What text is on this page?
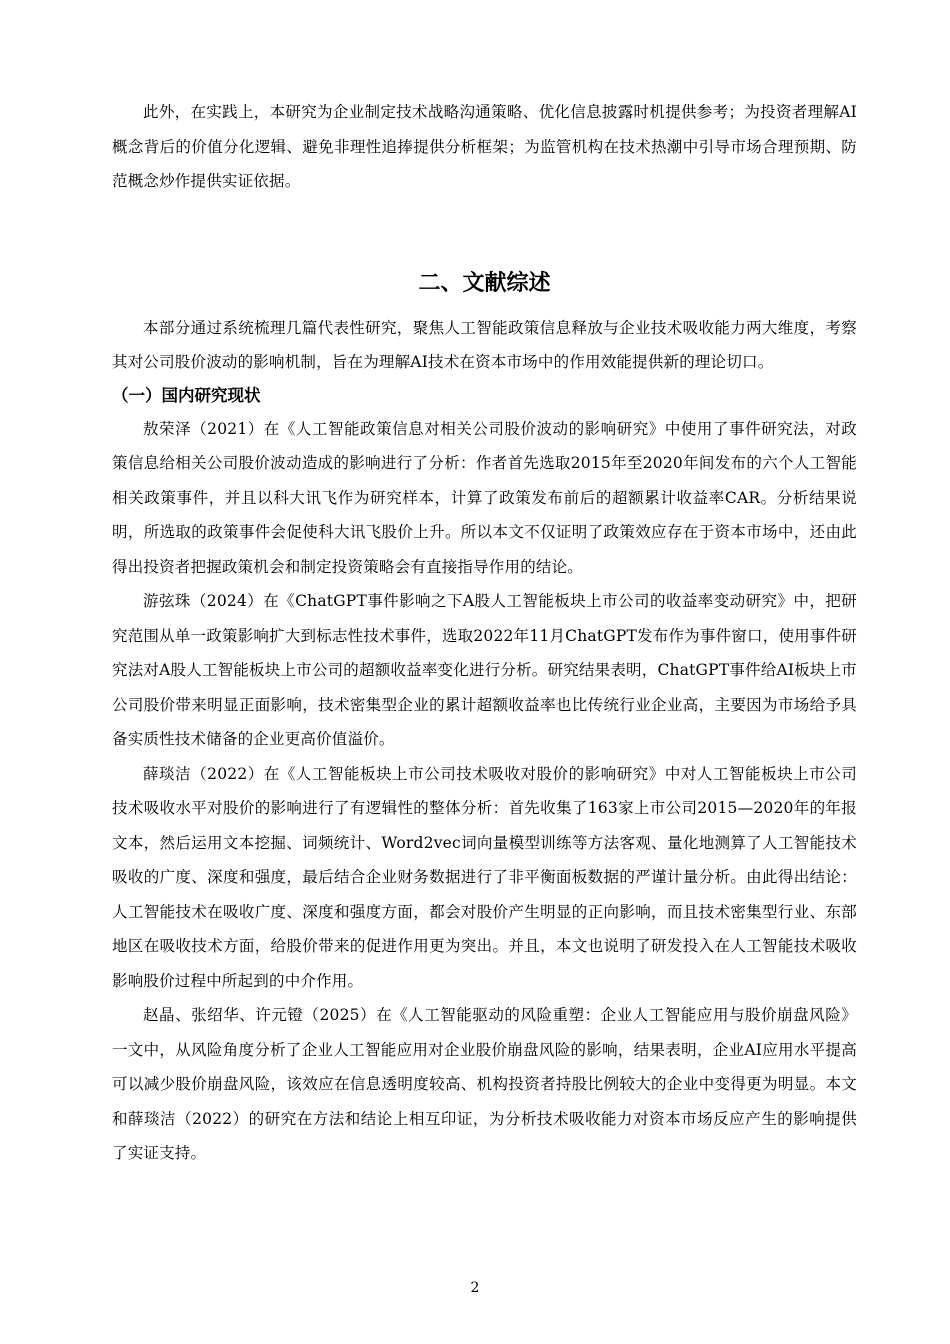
此外，在实践上，本研究为企业制定技术战略沟通策略、优化信息披露时机提供参考；为投资者理解AI概念背后的价值分化逻辑、避免非理性追捧提供分析框架；为监管机构在技术热潮中引导市场合理预期、防范概念炒作提供实证依据。

二、文献综述

本部分通过系统梳理几篇代表性研究，聚焦人工智能政策信息释放与企业技术吸收能力两大维度，考察其对公司股价波动的影响机制，旨在为理解AI技术在资本市场中的作用效能提供新的理论切口。

（一）国内研究现状

敖荣泽（2021）在《人工智能政策信息对相关公司股价波动的影响研究》中使用了事件研究法，对政策信息给相关公司股价波动造成的影响进行了分析：作者首先选取2015年至2020年间发布的六个人工智能相关政策事件，并且以科大讯飞作为研究样本，计算了政策发布前后的超额累计收益率CAR。分析结果说明，所选取的政策事件会促使科大讯飞股价上升。所以本文不仅证明了政策效应存在于资本市场中，还由此得出投资者把握政策机会和制定投资策略会有直接指导作用的结论。

游弦珠（2024）在《ChatGPT事件影响之下A股人工智能板块上市公司的收益率变动研究》中，把研究范围从单一政策影响扩大到标志性技术事件，选取2022年11月ChatGPT发布作为事件窗口，使用事件研究法对A股人工智能板块上市公司的超额收益率变化进行分析。研究结果表明，ChatGPT事件给AI板块上市公司股价带来明显正面影响，技术密集型企业的累计超额收益率也比传统行业企业高，主要因为市场给予具备实质性技术储备的企业更高价值溢价。

薛琰洁（2022）在《人工智能板块上市公司技术吸收对股价的影响研究》中对人工智能板块上市公司技术吸收水平对股价的影响进行了有逻辑性的整体分析：首先收集了163家上市公司2015—2020年的年报文本，然后运用文本挖掘、词频统计、Word2vec词向量模型训练等方法客观、量化地测算了人工智能技术吸收的广度、深度和强度，最后结合企业财务数据进行了非平衡面板数据的严谨计量分析。由此得出结论：人工智能技术在吸收广度、深度和强度方面，都会对股价产生明显的正向影响，而且技术密集型行业、东部地区在吸收技术方面，给股价带来的促进作用更为突出。并且，本文也说明了研发投入在人工智能技术吸收影响股价过程中所起到的中介作用。

赵晶、张绍华、许元镫（2025）在《人工智能驱动的风险重塑：企业人工智能应用与股价崩盘风险》一文中，从风险角度分析了企业人工智能应用对企业股价崩盘风险的影响，结果表明，企业AI应用水平提高可以减少股价崩盘风险，该效应在信息透明度较高、机构投资者持股比例较大的企业中变得更为明显。本文和薛琰洁（2022）的研究在方法和结论上相互印证，为分析技术吸收能力对资本市场反应产生的影响提供了实证支持。

2
